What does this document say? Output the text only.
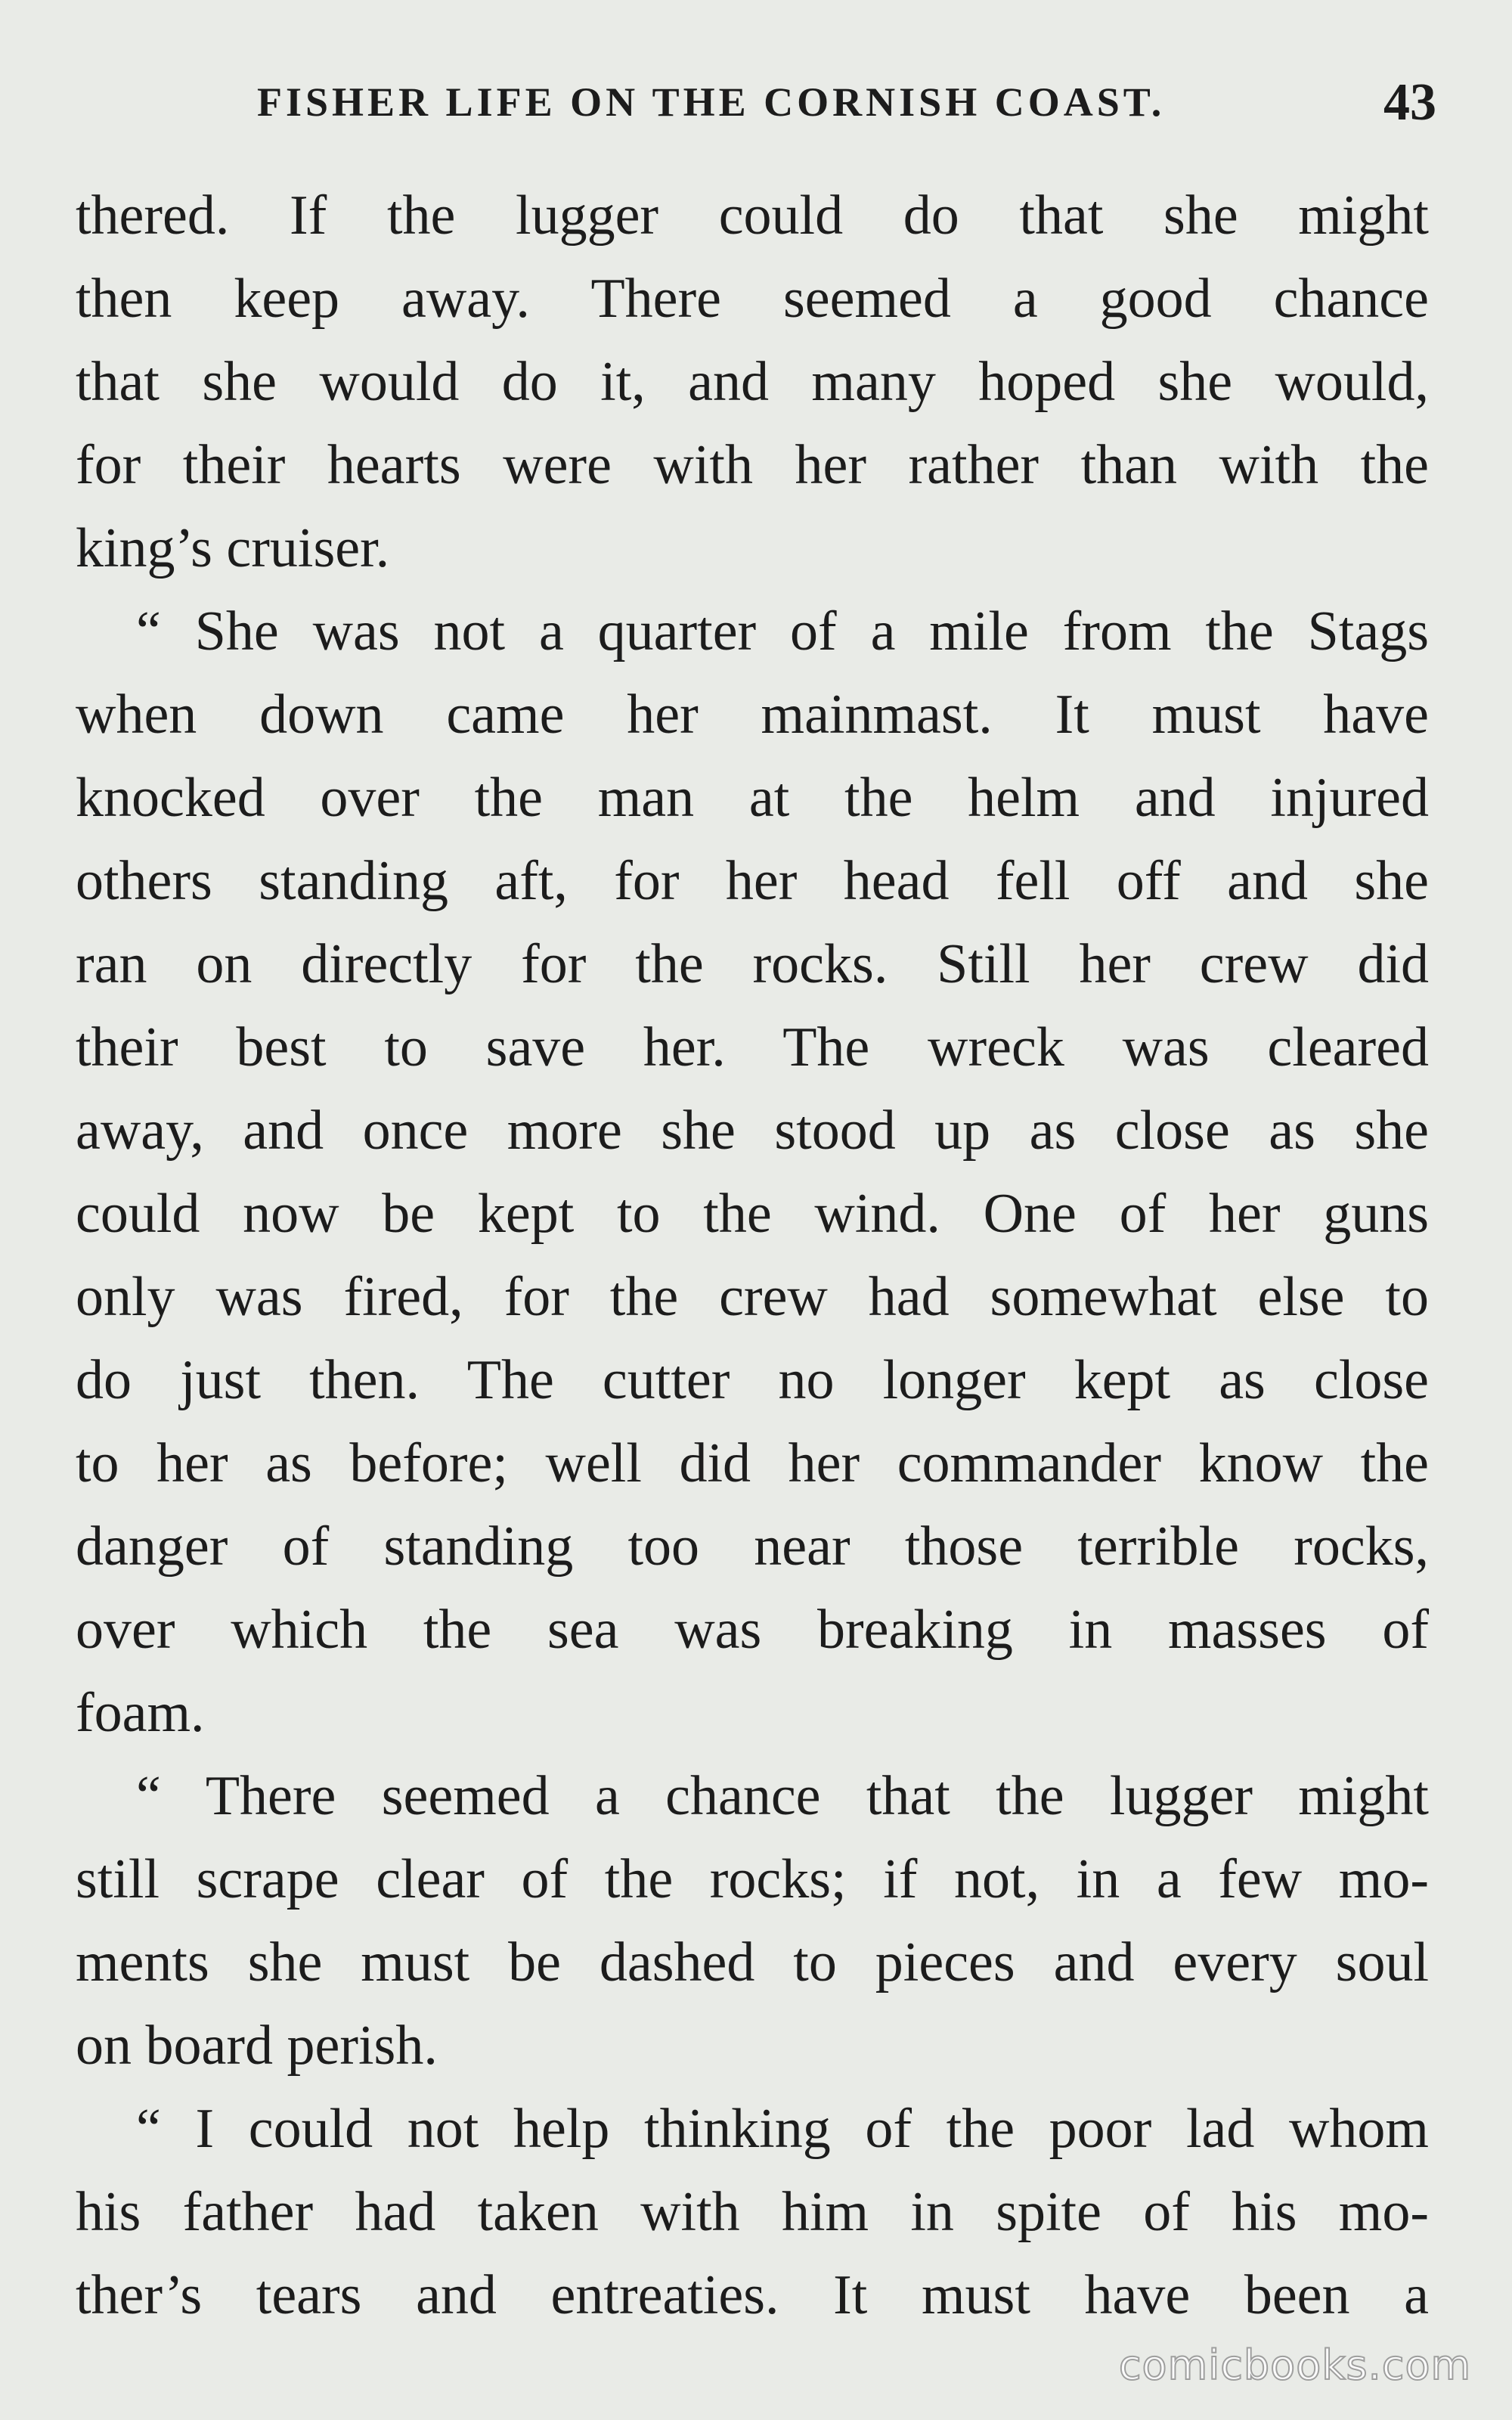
FISHER LIFE ON THE CORNISH COAST.	43
thered. If the lugger could do that she might
then keep away. There seemed a good chance
that she would do it, and many hoped she would,
for their hearts were with her rather than with the
king’s cruiser.
“ She was not a quarter of a mile from the Stags
when down came her mainmast. It must have
knocked over the man at the helm and injured
others standing aft, for her head fell off and she
ran on directly for the rocks. Still her crew did
their best to save her. The wreck was cleared
away, and once more she stood up as close as she
could now be kept to the wind. One of her guns
only was fired, for the crew had somewhat else to
do just then. The cutter no longer kept as close
to her as before; well did her commander know the
danger of standing too near those terrible rocks,
over which the sea was breaking in masses of
foam.
“ There seemed a chance that the lugger might
still scrape clear of the rocks; if not, in a few mo-
ments she must be dashed to pieces and every soul
on board perish.
“ I could not help thinking of the poor lad whom
his father had taken with him in spite of his mo-
ther’s tears and entreaties. It must have been a
comicbooks.com
